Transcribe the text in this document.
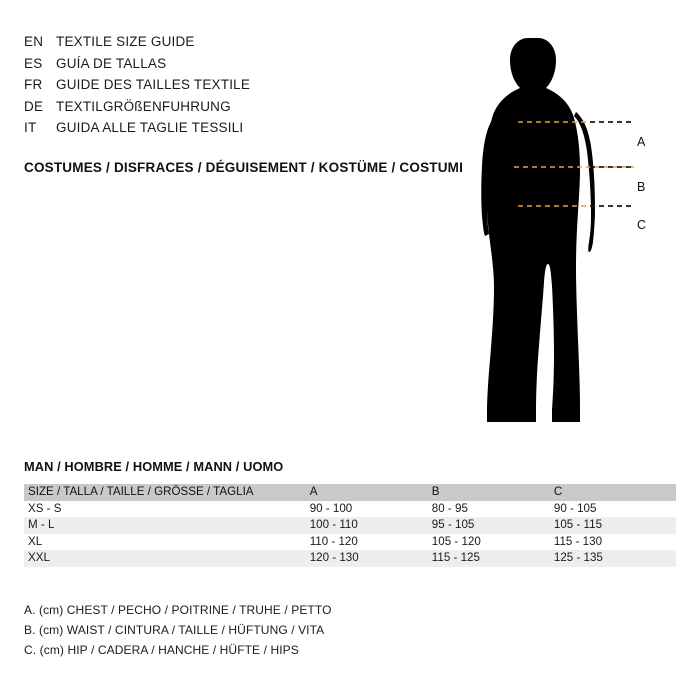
EN TEXTILE SIZE GUIDE
ES	GUÍA DE TALLAS
FR	GUIDE DES TAILLES TEXTILE
DE TEXTILGRÖßENFUHRUNG
IT	GUIDA ALLE TAGLIE TESSILI
COSTUMES / DISFRACES / DÉGUISEMENT / KOSTÜME / COSTUMI
A
B
C
MAN / HOMBRE / HOMME / MANN / UOMO
SIZE / TALLA / TAILLE / GRÖSSE / TAGLIA	A	B	C
XS - S	90 - 100	80 - 95	90 - 105
M - L	100 - 110	95 - 105	105 - 115
XL	110 - 120	105 - 120	115 - 130
XXL	120 - 130	115 - 125	125 - 135
A. (cm) CHEST / PECHO / POITRINE / TRUHE / PETTO
B. (cm) WAIST / CINTURA / TAILLE / HÜFTUNG / VITA
C. (cm) HIP / CADERA / HANCHE / HÜFTE / HIPS
